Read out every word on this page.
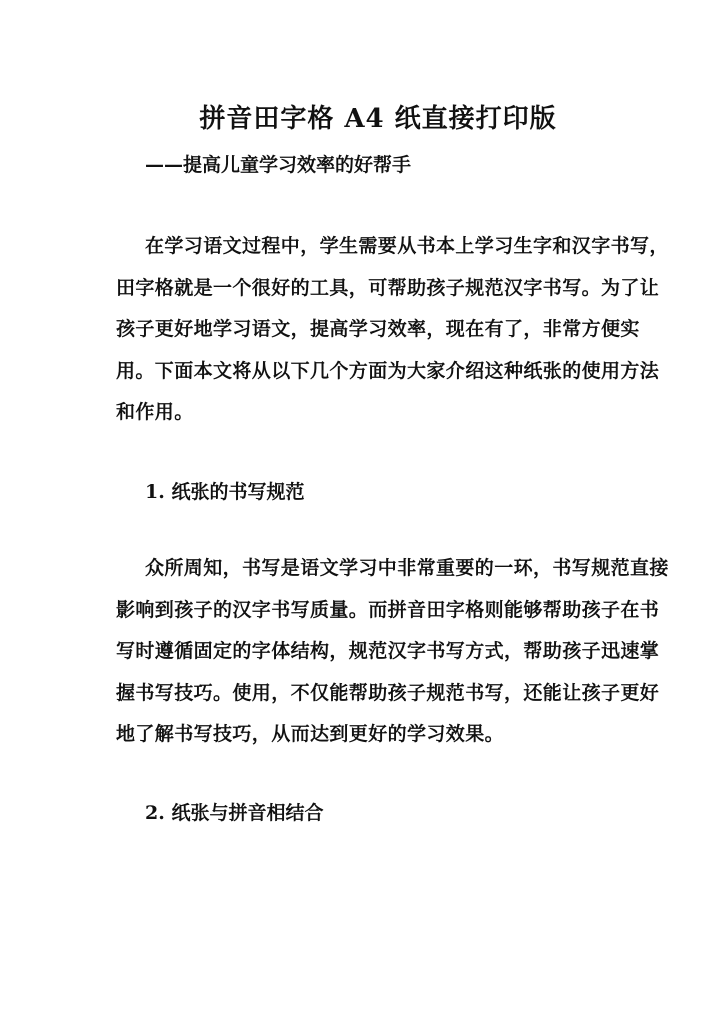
拼音田字格 A4 纸直接打印版

——提高儿童学习效率的好帮手

在学习语文过程中，学生需要从书本上学习生字和汉字书写，田字格就是一个很好的工具，可帮助孩子规范汉字书写。为了让孩子更好地学习语文，提高学习效率，现在有了，非常方便实用。下面本文将从以下几个方面为大家介绍这种纸张的使用方法和作用。

1. 纸张的书写规范

众所周知，书写是语文学习中非常重要的一环，书写规范直接影响到孩子的汉字书写质量。而拼音田字格则能够帮助孩子在书写时遵循固定的字体结构，规范汉字书写方式，帮助孩子迅速掌握书写技巧。使用，不仅能帮助孩子规范书写，还能让孩子更好地了解书写技巧，从而达到更好的学习效果。

2. 纸张与拼音相结合
